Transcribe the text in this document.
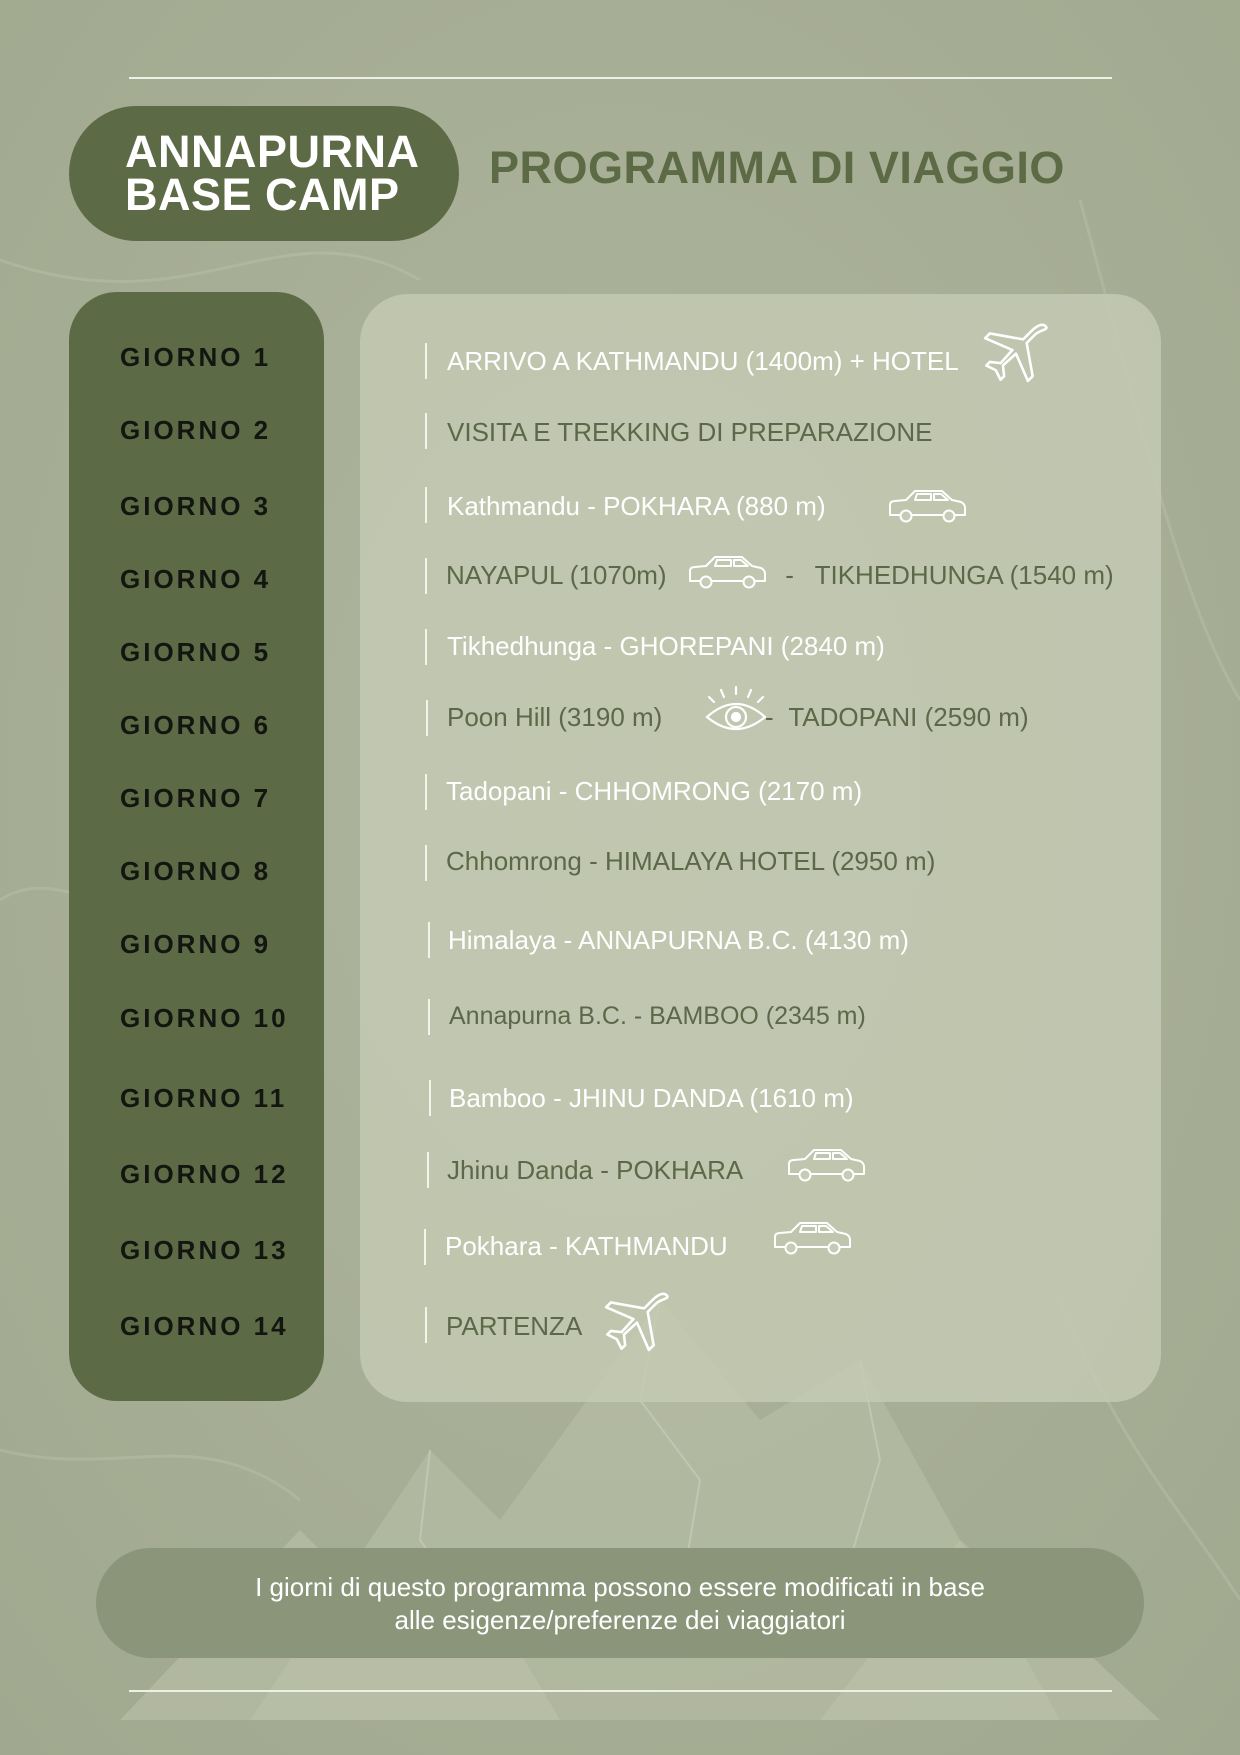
ANNAPURNA
BASE CAMP
PROGRAMMA DI VIAGGIO
GIORNO 1
GIORNO 2
GIORNO 3
GIORNO 4
GIORNO 5
GIORNO 6
GIORNO 7
GIORNO 8
GIORNO 9
GIORNO 10
GIORNO 11
GIORNO 12
GIORNO 13
GIORNO 14
ARRIVO A KATHMANDU (1400m) + HOTEL
VISITA E TREKKING DI PREPARAZIONE
Kathmandu - POKHARA (880 m)
NAYAPUL (1070m)	- TIKHEDHUNGA (1540 m)
Tikhedhunga - GHOREPANI (2840 m)
Poon Hill (3190 m)	- TADOPANI (2590 m)
Tadopani - CHHOMRONG (2170 m)
Chhomrong - HIMALAYA HOTEL (2950 m)
Himalaya - ANNAPURNA B.C. (4130 m)
Annapurna B.C. - BAMBOO (2345 m)
Bamboo - JHINU DANDA (1610 m)
Jhinu Danda - POKHARA
Pokhara - KATHMANDU
PARTENZA
I giorni di questo programma possono essere modificati in base
alle esigenze/preferenze dei viaggiatori
